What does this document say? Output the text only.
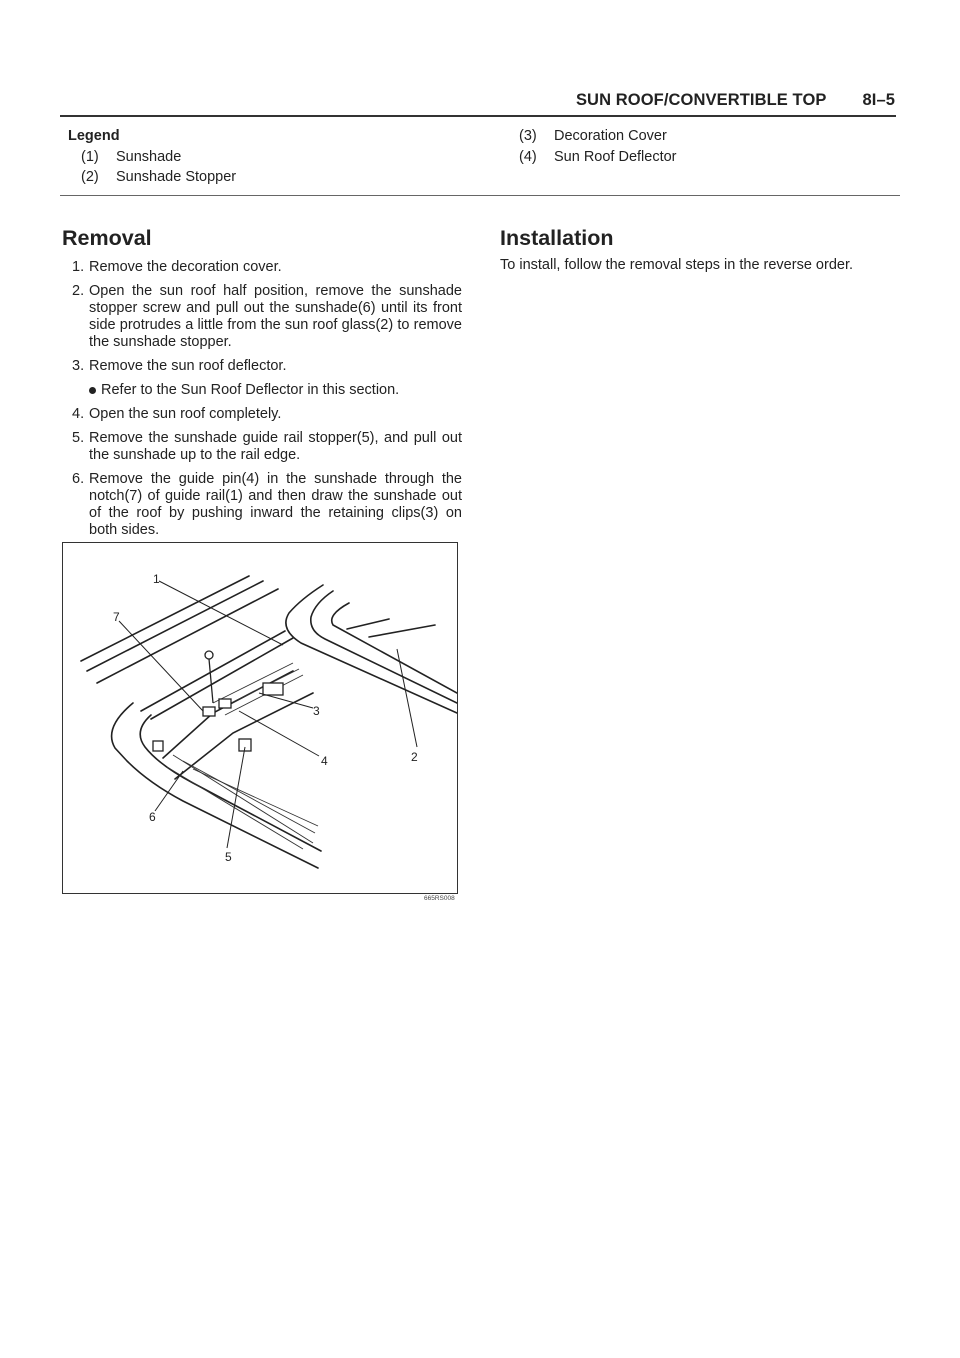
SUN ROOF/CONVERTIBLE TOP 8I–5
Legend
(1) Sunshade
(2) Sunshade Stopper
(3) Decoration Cover
(4) Sun Roof Deflector
Removal
1. Remove the decoration cover.
2. Open the sun roof half position, remove the sunshade stopper screw and pull out the sunshade(6) until its front side protrudes a little from the sun roof glass(2) to remove the sunshade stopper.
3. Remove the sun roof deflector.
Refer to the Sun Roof Deflector in this section.
4. Open the sun roof completely.
5. Remove the sunshade guide rail stopper(5), and pull out the sunshade up to the rail edge.
6. Remove the guide pin(4) in the sunshade through the notch(7) of guide rail(1) and then draw the sunshade out of the roof by pushing inward the retaining clips(3) on both sides.
Installation
To install, follow the removal steps in the reverse order.
1
7
3
4	2
6
5
665RS008
